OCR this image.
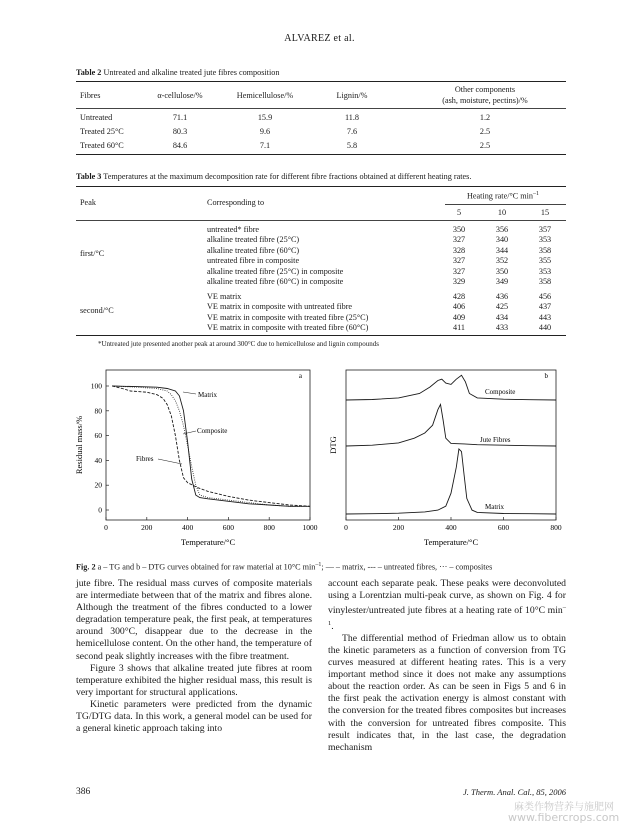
ALVAREZ et al.
Table 2 Untreated and alkaline treated jute fibres composition
Fibres	α-cellulose/%	Hemicellulose/%	Lignin/%
Other components
(ash, moisture, pectins)/%
Untreated	71.1	15.9	11.8	1.2
Treated 25°C	80.3	9.6	7.6	2.5
Treated 60°C	84.6	7.1	5.8	2.5
Table 3 Temperatures at the maximum decomposition rate for different fibre fractions obtained at different heating rates.
Peak	Corresponding to
Heating rate/°C $\min^{-1}$
5	10	15
first/°C
untreated* fibre	350	356	357
alkaline treated fibre (25°C)	327	340	353
alkaline treated fibre (60°C)	328	344	358
untreated fibre in composite	327	352	355
alkaline treated fibre (25°C) in composite	327	350	353
alkaline treated fibre (60°C) in composite	329	349	358
second/°C
VE matrix	428	436	456
VE matrix in composite with untreated fibre	406	425	437
VE matrix in composite with treated fibre (25°C)	409	434	443
VE matrix in composite with treated fibre (60°C)	411	433	440
*Untreated jute presented another peak at around 300°C due to hemicellulose and lignin compounds
a
Residual mass/%
Temperature/°C
0	200	400	600	800	1000
0
20
40
60
80
100
Matrix
Composite
Fibres
b
DTG
Temperature/°C
0	200	400	600	800
Composite
Jute Fibres
Matrix
Fig. 2 a – TG and b – DTG curves obtained for raw material at 10°C $\min^{-1}$; — – matrix, --- – untreated fibres, ··· – composites

jute fibre. The residual mass curves of composite materials are intermediate between that of the matrix and fibres alone. Although the treatment of the fibres conducted to a lower degradation temperature peak, the first peak, at temperatures around 300°C, disappear due to the decrease in the hemicellulose content. On the other hand, the temperature of second peak slightly increases with the fibre treatment.

Figure 3 shows that alkaline treated jute fibres at room temperature exhibited the higher residual mass, this result is very important for structural applications.

Kinetic parameters were predicted from the dynamic TG/DTG data. In this work, a general model can be used for a general kinetic approach taking into

account each separate peak. These peaks were deconvoluted using a Lorentzian multi-peak curve, as shown on Fig. 4 for vinylester/untreated jute fibres at a heating rate of 10°C $\min^{-1}$.

The differential method of Friedman allow us to obtain the kinetic parameters as a function of conversion from TG curves measured at different heating rates. This is a very important method since it does not make any assumptions about the reaction order. As can be seen in Figs 5 and 6 in the first peak the activation energy is almost constant with the conversion for the treated fibres composites but increases with the conversion for untreated fibres composite. This result indicates that, in the last case, the degradation mechanism

386	J. Therm. Anal. Cal., 85, 2006
麻类作物营养与施肥网
www.fibercrops.com
